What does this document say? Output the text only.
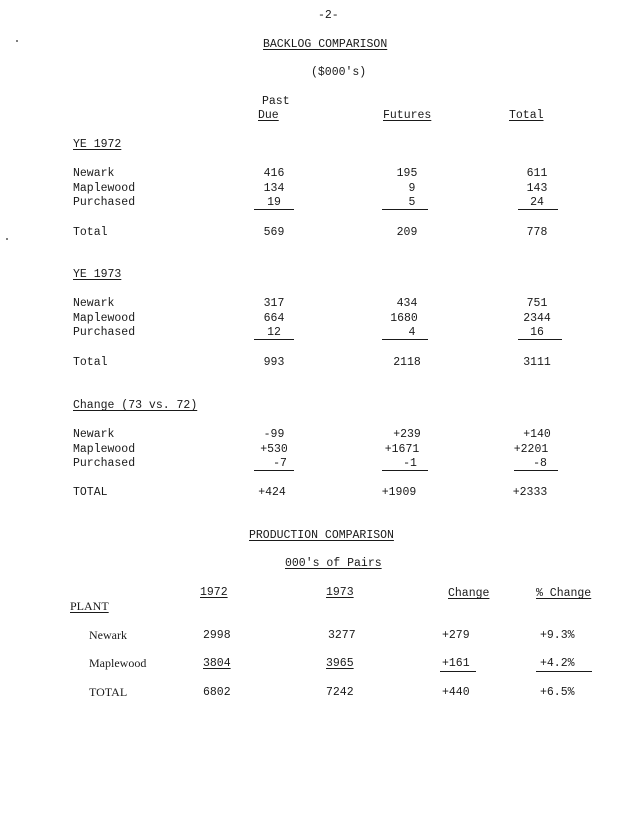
-2-
BACKLOG COMPARISON
($000's)
Past
Due	Futures	Total
YE 1972
Newark	416	195	611
Maplewood	134	9	143
Purchased	19	5	24
Total	569	209	778
YE 1973
Newark	317	434	751
Maplewood	664	1680	2344
Purchased	12	4	16
Total	993	2118	3111
Change (73 vs. 72)
Newark	-99	+239	+140
Maplewood	+530	+1671	+2201
Purchased	-7	-1	-8
TOTAL	+424	+1909	+2333
PRODUCTION COMPARISON
000's of Pairs
1972	1973	Change	% Change
PLANT
Newark	2998	3277	+279	+9.3%
Maplewood	3804	3965	+161	+4.2%
TOTAL	6802	7242	+440	+6.5%
